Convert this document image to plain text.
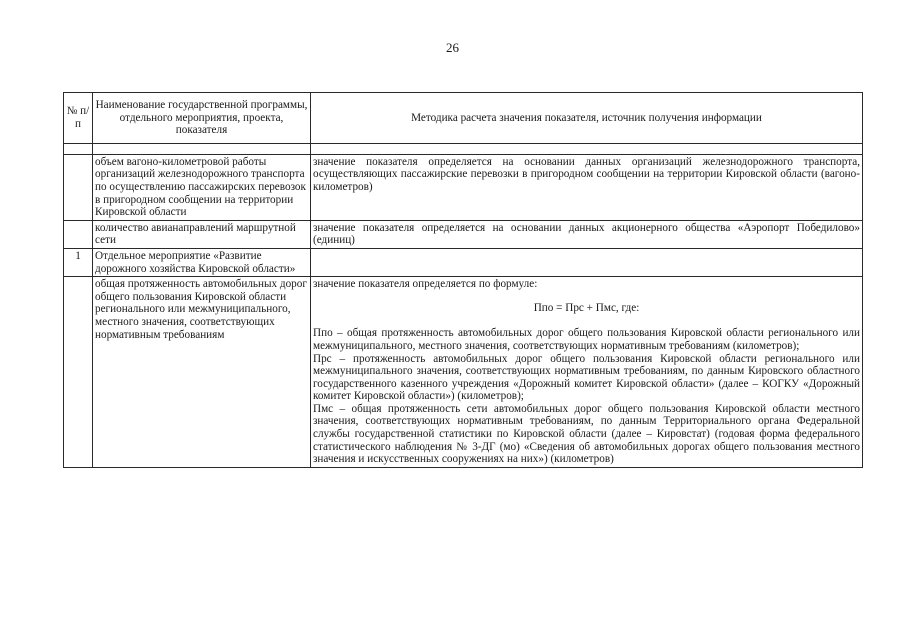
26
№ п/п	Наименование государственной программы, отдельного мероприятия, проекта, показателя	Методика расчета значения показателя, источник получения информации

	объем вагоно-километровой работы организаций железнодорожного транспорта по осуществлению пассажирских перевозок в пригородном сообщении на территории Кировской области	значение показателя определяется на основании данных организаций железнодорожного транспорта, осуществляющих пассажирские перевозки в пригородном сообщении на территории Кировской области (вагоно-километров)
	количество авианаправлений маршрутной сети	значение показателя определяется на основании данных акционерного общества «Аэропорт Победилово» (единиц)
1	Отдельное мероприятие «Развитие дорожного хозяйства Кировской области»	
	общая протяженность автомобильных дорог общего пользования Кировской области регионального или межмуниципального, местного значения, соответствующих нормативным требованиям	значение показателя определяется по формуле:
Ппо = Прс + Пмс, где:
Ппо – общая протяженность автомобильных дорог общего пользования Кировской области регионального или межмуниципального, местного значения, соответствующих нормативным требованиям (километров);
Прс – протяженность автомобильных дорог общего пользования Кировской области регионального или межмуниципального значения, соответствующих нормативным требованиям, по данным Кировского областного государственного казенного учреждения «Дорожный комитет Кировской области» (далее – КОГКУ «Дорожный комитет Кировской области») (километров);
Пмс – общая протяженность сети автомобильных дорог общего пользования Кировской области местного значения, соответствующих нормативным требованиям, по данным Территориального органа Федеральной службы государственной статистики по Кировской области (далее – Кировстат) (годовая форма федерального статистического наблюдения № 3-ДГ (мо) «Сведения об автомобильных дорогах общего пользования местного значения и искусственных сооружениях на них») (километров)
